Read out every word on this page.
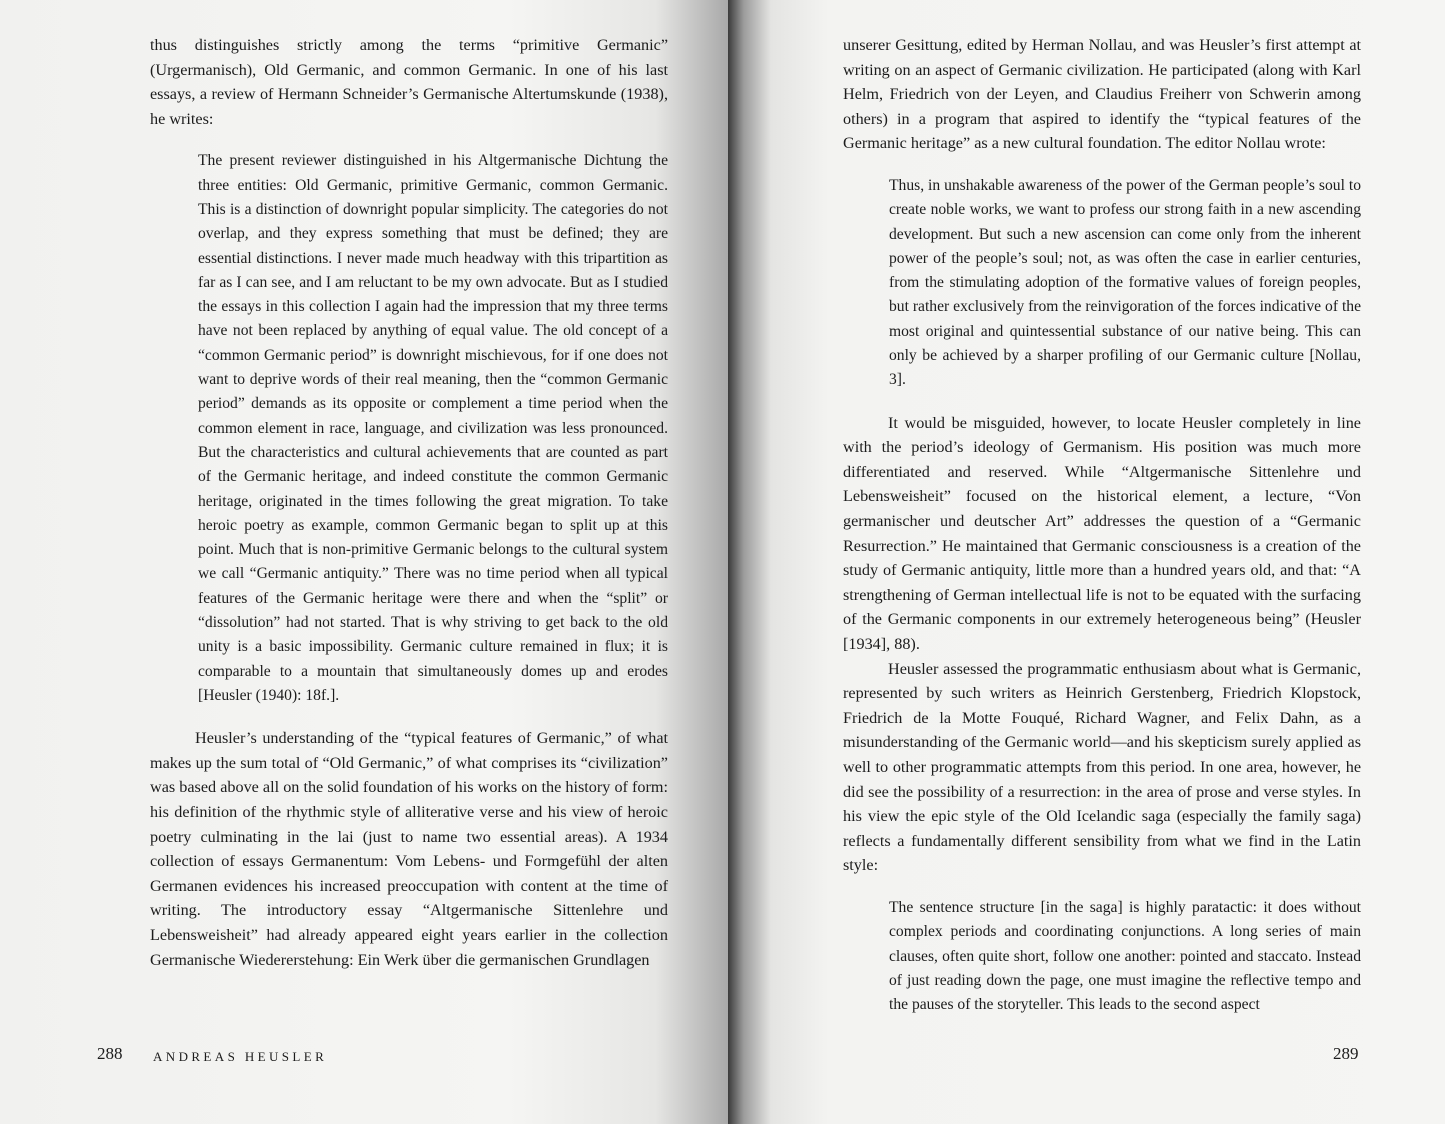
thus distinguishes strictly among the terms “primitive Germanic” (Urgermanisch), Old Germanic, and common Germanic. In one of his last essays, a review of Hermann Schneider’s Germanische Altertumskunde (1938), he writes:

The present reviewer distinguished in his Altgermanische Dichtung the three entities: Old Germanic, primitive Germanic, common Germanic. This is a distinction of downright popular simplicity. The categories do not overlap, and they express something that must be defined; they are essential distinctions. I never made much headway with this tripartition as far as I can see, and I am reluctant to be my own advocate. But as I studied the essays in this collection I again had the impression that my three terms have not been replaced by anything of equal value. The old concept of a “common Germanic period” is downright mischievous, for if one does not want to deprive words of their real meaning, then the “common Germanic period” demands as its opposite or complement a time period when the common element in race, language, and civilization was less pronounced. But the characteristics and cultural achievements that are counted as part of the Germanic heritage, and indeed constitute the common Germanic heritage, originated in the times following the great migration. To take heroic poetry as example, common Germanic began to split up at this point. Much that is non-primitive Germanic belongs to the cultural system we call “Germanic antiquity.” There was no time period when all typical features of the Germanic heritage were there and when the “split” or “dissolution” had not started. That is why striving to get back to the old unity is a basic impossibility. Germanic culture remained in flux; it is comparable to a mountain that simultaneously domes up and erodes [Heusler (1940): 18f.].

Heusler’s understanding of the “typical features of Germanic,” of what makes up the sum total of “Old Germanic,” of what comprises its “civilization” was based above all on the solid foundation of his works on the history of form: his definition of the rhythmic style of alliterative verse and his view of heroic poetry culminating in the lai (just to name two essential areas). A 1934 collection of essays Germanentum: Vom Lebens- und Formgefühl der alten Germanen evidences his increased preoccupation with content at the time of writing. The introductory essay “Altgermanische Sittenlehre und Lebensweisheit” had already appeared eight years earlier in the collection Germanische Wiedererstehung: Ein Werk über die germanischen Grundlagen

288 ANDREAS HEUSLER

unserer Gesittung, edited by Herman Nollau, and was Heusler’s first attempt at writing on an aspect of Germanic civilization. He participated (along with Karl Helm, Friedrich von der Leyen, and Claudius Freiherr von Schwerin among others) in a program that aspired to identify the “typical features of the Germanic heritage” as a new cultural foundation. The editor Nollau wrote:

Thus, in unshakable awareness of the power of the German people’s soul to create noble works, we want to profess our strong faith in a new ascending development. But such a new ascension can come only from the inherent power of the people’s soul; not, as was often the case in earlier centuries, from the stimulating adoption of the formative values of foreign peoples, but rather exclusively from the reinvigoration of the forces indicative of the most original and quintessential substance of our native being. This can only be achieved by a sharper profiling of our Germanic culture [Nollau, 3].

It would be misguided, however, to locate Heusler completely in line with the period’s ideology of Germanism. His position was much more differentiated and reserved. While “Altgermanische Sittenlehre und Lebensweisheit” focused on the historical element, a lecture, “Von germanischer und deutscher Art” addresses the question of a “Germanic Resurrection.” He maintained that Germanic consciousness is a creation of the study of Germanic antiquity, little more than a hundred years old, and that: “A strengthening of German intellectual life is not to be equated with the surfacing of the Germanic components in our extremely heterogeneous being” (Heusler [1934], 88).

Heusler assessed the programmatic enthusiasm about what is Germanic, represented by such writers as Heinrich Gerstenberg, Friedrich Klopstock, Friedrich de la Motte Fouqué, Richard Wagner, and Felix Dahn, as a misunderstanding of the Germanic world—and his skepticism surely applied as well to other programmatic attempts from this period. In one area, however, he did see the possibility of a resurrection: in the area of prose and verse styles. In his view the epic style of the Old Icelandic saga (especially the family saga) reflects a fundamentally different sensibility from what we find in the Latin style:

The sentence structure [in the saga] is highly paratactic: it does without complex periods and coordinating conjunctions. A long series of main clauses, often quite short, follow one another: pointed and staccato. Instead of just reading down the page, one must imagine the reflective tempo and the pauses of the storyteller. This leads to the second aspect

289
